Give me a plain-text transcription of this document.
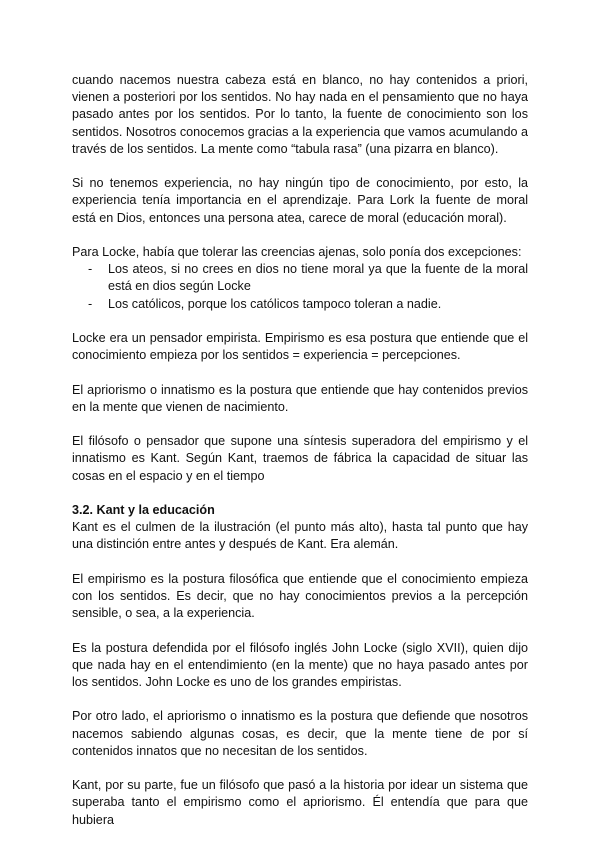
cuando nacemos nuestra cabeza está en blanco, no hay contenidos a priori, vienen a posteriori por los sentidos. No hay nada en el pensamiento que no haya pasado antes por los sentidos. Por lo tanto, la fuente de conocimiento son los sentidos. Nosotros conocemos gracias a la experiencia que vamos acumulando a través de los sentidos. La mente como “tabula rasa” (una pizarra en blanco).

Si no tenemos experiencia, no hay ningún tipo de conocimiento, por esto, la experiencia tenía importancia en el aprendizaje. Para Lork la fuente de moral está en Dios, entonces una persona atea, carece de moral (educación moral).

Para Locke, había que tolerar las creencias ajenas, solo ponía dos excepciones:

- Los ateos, si no crees en dios no tiene moral ya que la fuente de la moral está en dios según Locke
- Los católicos, porque los católicos tampoco toleran a nadie.

Locke era un pensador empirista. Empirismo es esa postura que entiende que el conocimiento empieza por los sentidos = experiencia = percepciones.

El apriorismo o innatismo es la postura que entiende que hay contenidos previos en la mente que vienen de nacimiento.

El filósofo o pensador que supone una síntesis superadora del empirismo y el innatismo es Kant. Según Kant, traemos de fábrica la capacidad de situar las cosas en el espacio y en el tiempo

3.2. Kant y la educación

Kant es el culmen de la ilustración (el punto más alto), hasta tal punto que hay una distinción entre antes y después de Kant. Era alemán.

El empirismo es la postura filosófica que entiende que el conocimiento empieza con los sentidos. Es decir, que no hay conocimientos previos a la percepción sensible, o sea, a la experiencia.

Es la postura defendida por el filósofo inglés John Locke (siglo XVII), quien dijo que nada hay en el entendimiento (en la mente) que no haya pasado antes por los sentidos. John Locke es uno de los grandes empiristas.

Por otro lado, el apriorismo o innatismo es la postura que defiende que nosotros nacemos sabiendo algunas cosas, es decir, que la mente tiene de por sí contenidos innatos que no necesitan de los sentidos.

Kant, por su parte, fue un filósofo que pasó a la historia por idear un sistema que superaba tanto el empirismo como el apriorismo. Él entendía que para que hubiera
